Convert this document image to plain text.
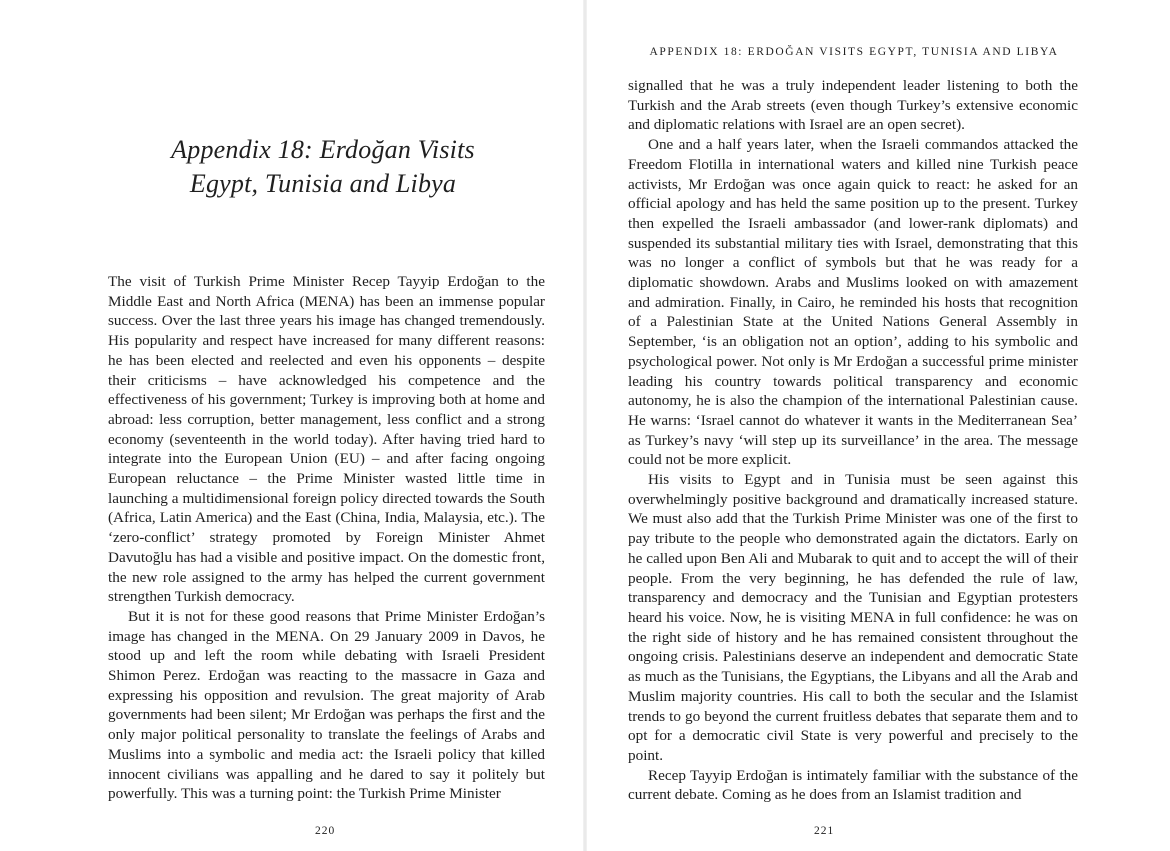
Appendix 18: Erdoğan Visits
Egypt, Tunisia and Libya

The visit of Turkish Prime Minister Recep Tayyip Erdoğan to the Middle East and North Africa (MENA) has been an immense popular success. Over the last three years his image has changed tremendously. His popularity and respect have increased for many different reasons: he has been elected and reelected and even his opponents – despite their criticisms – have acknowledged his competence and the effectiveness of his government; Turkey is improving both at home and abroad: less corruption, better management, less conflict and a strong economy (seventeenth in the world today). After having tried hard to integrate into the European Union (EU) – and after facing ongoing European reluctance – the Prime Minister wasted little time in launching a multidimensional foreign policy directed towards the South (Africa, Latin America) and the East (China, India, Malaysia, etc.). The ‘zero-conflict’ strategy promoted by Foreign Minister Ahmet Davutoğlu has had a visible and positive impact. On the domestic front, the new role assigned to the army has helped the current government strengthen Turkish democracy.

But it is not for these good reasons that Prime Minister Erdoğan’s image has changed in the MENA. On 29 January 2009 in Davos, he stood up and left the room while debating with Israeli President Shimon Perez. Erdoğan was reacting to the massacre in Gaza and expressing his opposition and revulsion. The great majority of Arab governments had been silent; Mr Erdoğan was perhaps the first and the only major political personality to translate the feelings of Arabs and Muslims into a symbolic and media act: the Israeli policy that killed innocent civilians was appalling and he dared to say it politely but powerfully. This was a turning point: the Turkish Prime Minister

220

APPENDIX 18: ERDOĞAN VISITS EGYPT, TUNISIA AND LIBYA

signalled that he was a truly independent leader listening to both the Turkish and the Arab streets (even though Turkey’s extensive economic and diplomatic relations with Israel are an open secret).

One and a half years later, when the Israeli commandos attacked the Freedom Flotilla in international waters and killed nine Turkish peace activists, Mr Erdoğan was once again quick to react: he asked for an official apology and has held the same position up to the present. Turkey then expelled the Israeli ambassador (and lower-rank diplomats) and suspended its substantial military ties with Israel, demonstrating that this was no longer a conflict of symbols but that he was ready for a diplomatic showdown. Arabs and Muslims looked on with amazement and admiration. Finally, in Cairo, he reminded his hosts that recognition of a Palestinian State at the United Nations General Assembly in September, ‘is an obligation not an option’, adding to his symbolic and psychological power. Not only is Mr Erdoğan a successful prime minister leading his country towards political transparency and economic autonomy, he is also the champion of the international Palestinian cause. He warns: ‘Israel cannot do whatever it wants in the Mediterranean Sea’ as Turkey’s navy ‘will step up its surveillance’ in the area. The message could not be more explicit.

His visits to Egypt and in Tunisia must be seen against this overwhelmingly positive background and dramatically increased stature. We must also add that the Turkish Prime Minister was one of the first to pay tribute to the people who demonstrated again the dictators. Early on he called upon Ben Ali and Mubarak to quit and to accept the will of their people. From the very beginning, he has defended the rule of law, transparency and democracy and the Tunisian and Egyptian protesters heard his voice. Now, he is visiting MENA in full confidence: he was on the right side of history and he has remained consistent throughout the ongoing crisis. Palestinians deserve an independent and democratic State as much as the Tunisians, the Egyptians, the Libyans and all the Arab and Muslim majority countries. His call to both the secular and the Islamist trends to go beyond the current fruitless debates that separate them and to opt for a democratic civil State is very powerful and precisely to the point.

Recep Tayyip Erdoğan is intimately familiar with the substance of the current debate. Coming as he does from an Islamist tradition and

221
